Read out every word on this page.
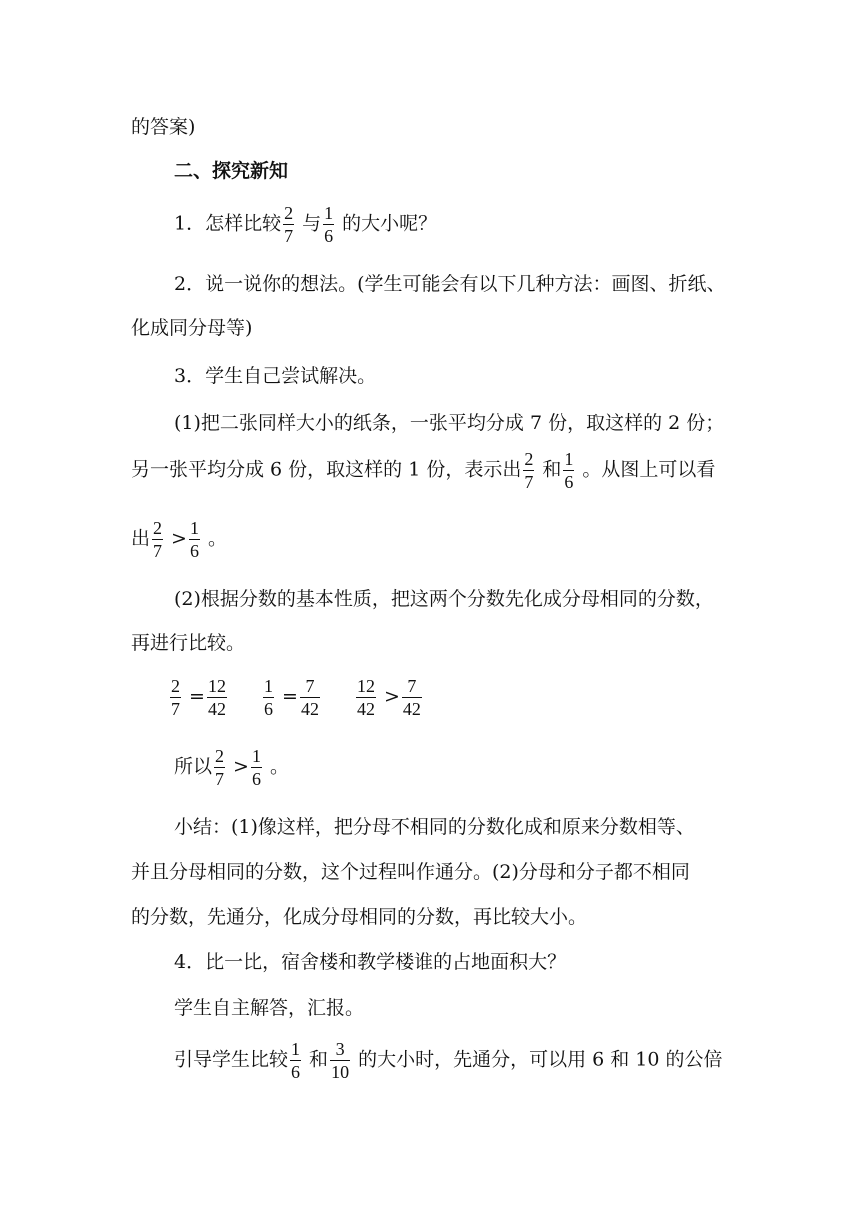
的答案)
二、探究新知
1．怎样比较 $\frac{2}{7}$ 与 $\frac{1}{6}$ 的大小呢？
2．说一说你的想法。(学生可能会有以下几种方法：画图、折纸、
化成同分母等)
3．学生自己尝试解决。
(1)把二张同样大小的纸条，一张平均分成 7 份，取这样的 2 份；
另一张平均分成 6 份，取这样的 1 份，表示出 $\frac{2}{7}$ 和 $\frac{1}{6}$ 。从图上可以看
出 $\frac{2}{7} > \frac{1}{6}$ 。
(2)根据分数的基本性质，把这两个分数先化成分母相同的分数，
再进行比较。
$\frac{2}{7} = \frac{12}{42} \frac{1}{6} = \frac{7}{42} \frac{12}{42} > \frac{7}{42}$
所以 $\frac{2}{7} > \frac{1}{6}$ 。
小结：(1)像这样，把分母不相同的分数化成和原来分数相等、
并且分母相同的分数，这个过程叫作通分。(2)分母和分子都不相同
的分数，先通分，化成分母相同的分数，再比较大小。
4．比一比，宿舍楼和教学楼谁的占地面积大？
学生自主解答，汇报。
引导学生比较 $\frac{1}{6}$ 和 $\frac{3}{10}$ 的大小时，先通分，可以用 6 和 10 的公倍
